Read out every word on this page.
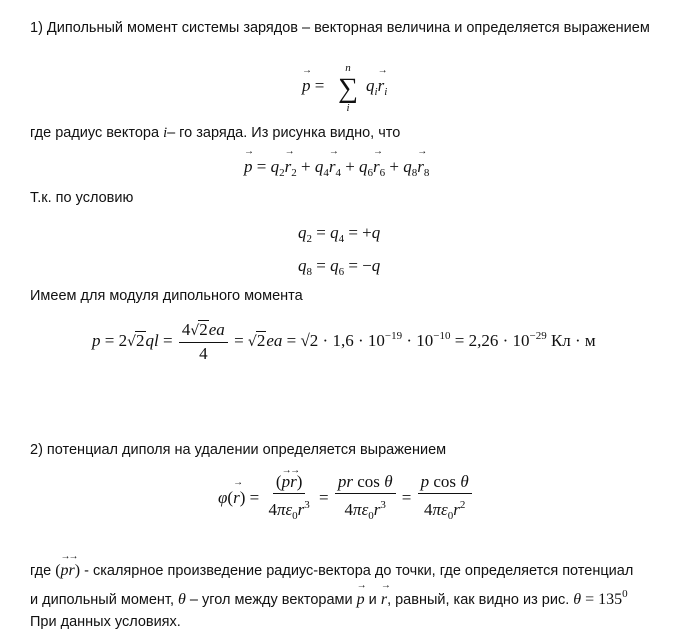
1) Дипольный момент системы зарядов – векторная величина и определяется выражением
→ p =
n
∑
i
$q_i\to r_i$
где радиус вектора i– го заряда. Из рисунка видно, что
→ $p = q_2\to r_2 + q_4\to r_4 + q_6\to r_6 + q_8\to r_8$
Т.к. по условию
$q_2 = q_4 = +q$
$q_8 = q_6 = -q$
Имеем для модуля дипольного момента
$p = 2√2ql = \frac{4√2ea}{4} = √2ea = √2 \cdot 1,6 \cdot 10^{-19} \cdot 10^{-10} = 2,26 \cdot 10^{-29}$ Кл · м
2) потенциал диполя на удалении определяется выражением
$\varphi(\to r) = \frac{(\to p\to r)}{4\pi\varepsilon_0r^3} = \frac{\text{pr cos θ}}{4\pi\varepsilon_0r^3} = \frac{\text{p cos θ}}{4\pi\varepsilon_0r^2}$
где (→ p→ r) - скалярное произведение радиус-вектора до точки, где определяется потенциал
и дипольный момент, θ – угол между векторами → p и → r, равный, как видно из рис. $\theta = 135^0$
При данных условиях.
